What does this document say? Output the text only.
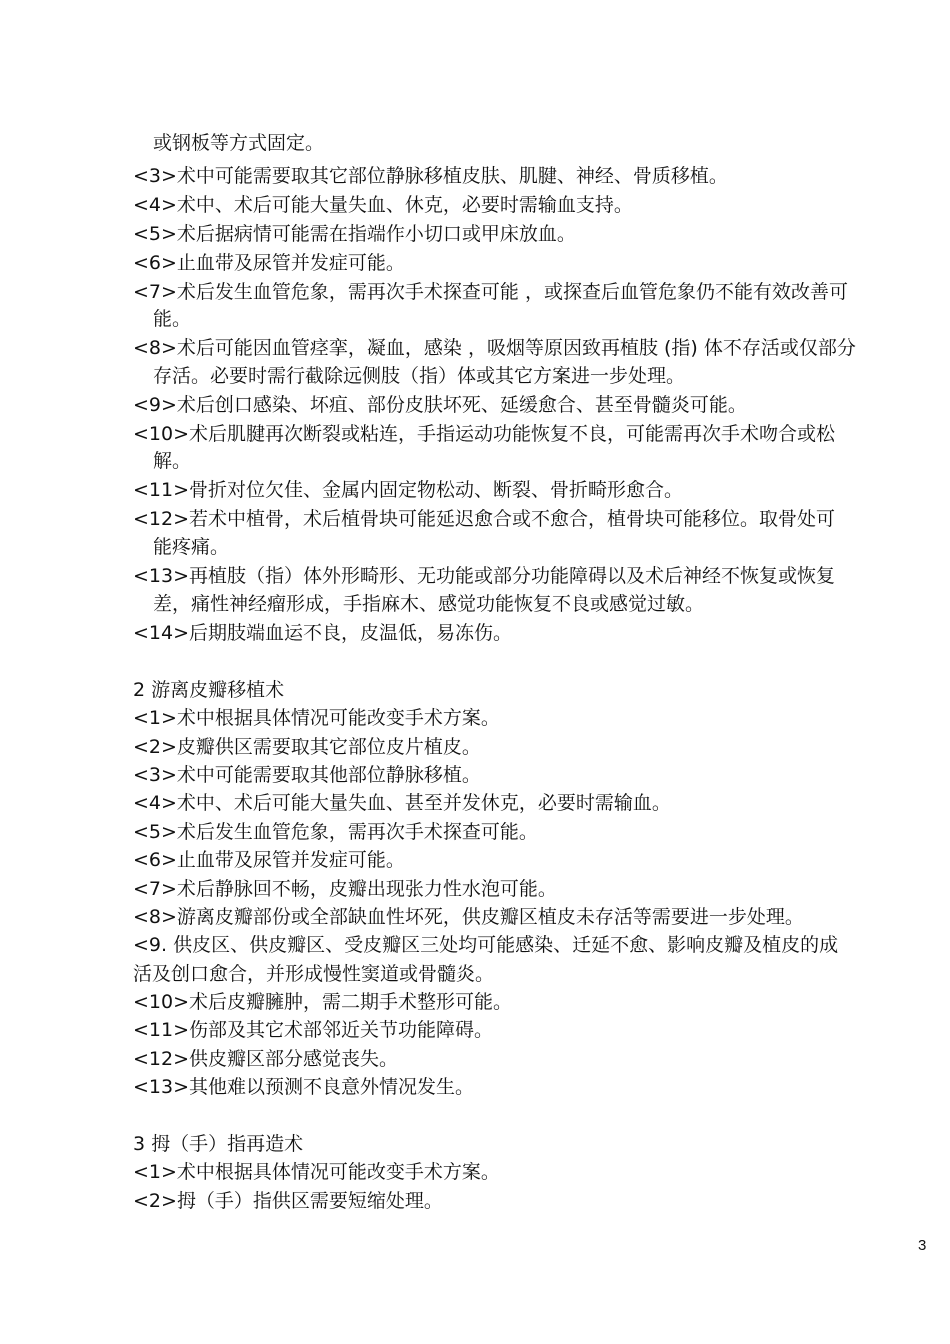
或钢板等方式固定。
<3>术中可能需要取其它部位静脉移植皮肤、肌腱、神经、骨质移植。
<4>术中、术后可能大量失血、休克，必要时需输血支持。
<5>术后据病情可能需在指端作小切口或甲床放血。
<6>止血带及尿管并发症可能。
<7>术后发生血管危象，需再次手术探查可能 ，或探查后血管危象仍不能有效改善可
能。
<8>术后可能因血管痉挛，凝血，感染 ，吸烟等原因致再植肢 (指) 体不存活或仅部分
存活。必要时需行截除远侧肢（指）体或其它方案进一步处理。
<9>术后创口感染、坏疽、部份皮肤坏死、延缓愈合、甚至骨髓炎可能。
<10>术后肌腱再次断裂或粘连，手指运动功能恢复不良，可能需再次手术吻合或松
解。
<11>骨折对位欠佳、金属内固定物松动、断裂、骨折畸形愈合。
<12>若术中植骨，术后植骨块可能延迟愈合或不愈合，植骨块可能移位。取骨处可
能疼痛。
<13>再植肢（指）体外形畸形、无功能或部分功能障碍以及术后神经不恢复或恢复
差，痛性神经瘤形成，手指麻木、感觉功能恢复不良或感觉过敏。
<14>后期肢端血运不良，皮温低，易冻伤。
2 游离皮瓣移植术
<1>术中根据具体情况可能改变手术方案。
<2>皮瓣供区需要取其它部位皮片植皮。
<3>术中可能需要取其他部位静脉移植。
<4>术中、术后可能大量失血、甚至并发休克，必要时需输血。
<5>术后发生血管危象，需再次手术探查可能。
<6>止血带及尿管并发症可能。
<7>术后静脉回不畅，皮瓣出现张力性水泡可能。
<8>游离皮瓣部份或全部缺血性坏死，供皮瓣区植皮未存活等需要进一步处理。
<9. 供皮区、供皮瓣区、受皮瓣区三处均可能感染、迁延不愈、影响皮瓣及植皮的成
活及创口愈合，并形成慢性窦道或骨髓炎。
<10>术后皮瓣臃肿，需二期手术整形可能。
<11>伤部及其它术部邻近关节功能障碍。
<12>供皮瓣区部分感觉丧失。
<13>其他难以预测不良意外情况发生。
3 拇（手）指再造术
<1>术中根据具体情况可能改变手术方案。
<2>拇（手）指供区需要短缩处理。
3
